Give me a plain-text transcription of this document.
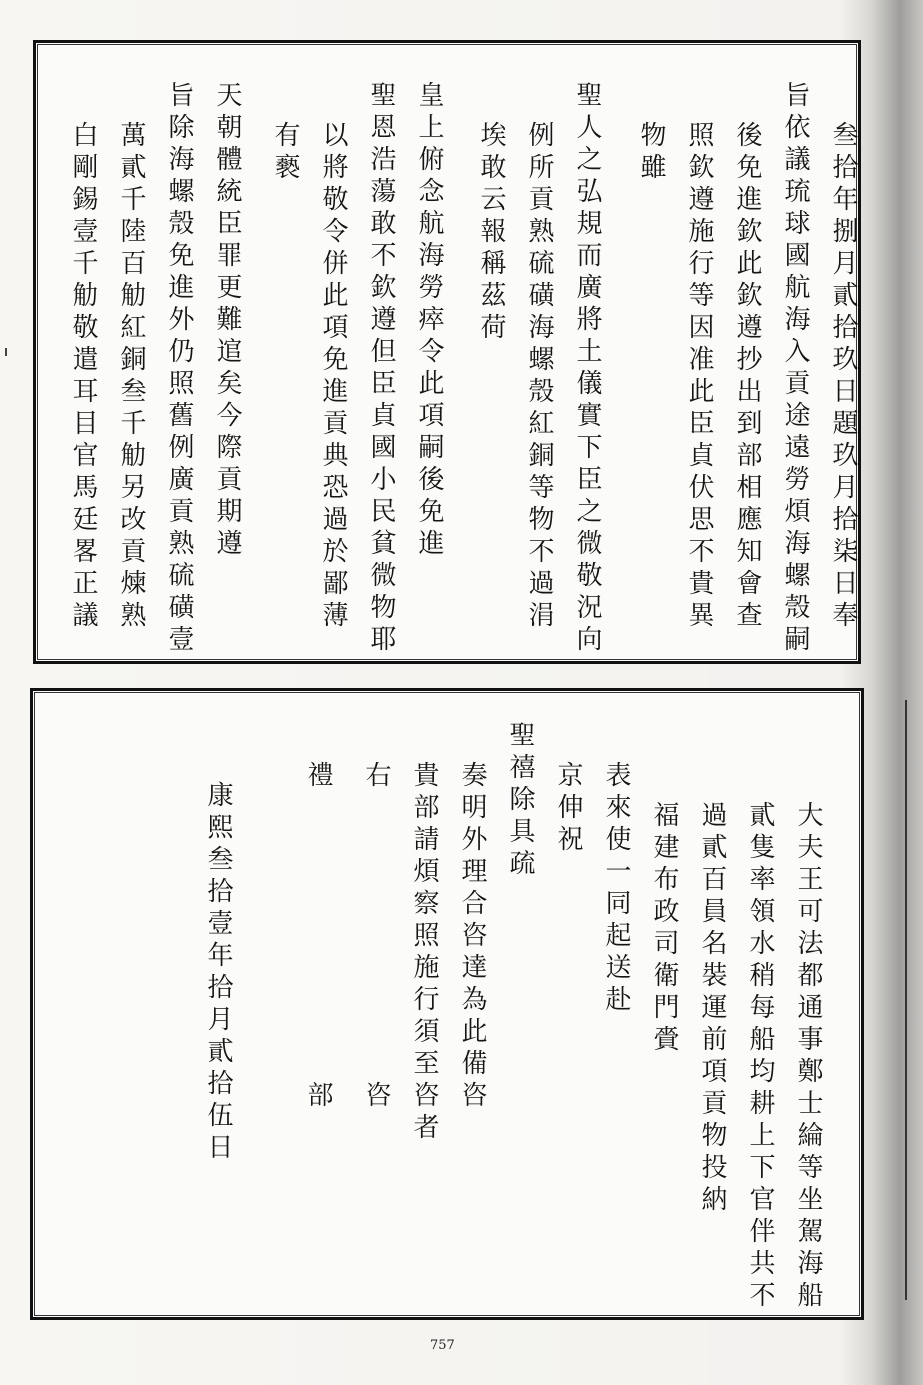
叁拾年捌月貳拾玖日題玖月拾柒日奉
旨依議琉球國航海入貢途遠勞煩海螺殼嗣
後免進欽此欽遵抄出到部相應知會查
照欽遵施行等因准此臣貞伏思不貴異
物雖
聖人之弘規而廣將土儀實下臣之微敬況向
例所貢熟硫磺海螺殼紅銅等物不過涓
埃敢云報稱茲荷
皇上俯念航海勞瘁令此項嗣後免進
聖恩浩蕩敢不欽遵但臣貞國小民貧微物耶
以將敬令併此項免進貢典恐過於鄙薄
有褻
天朝體統臣罪更難逭矣今際貢期遵
旨除海螺殼免進外仍照舊例廣貢熟硫磺壹
萬貳千陸百觔紅銅叁千觔另改貢煉熟
白剛錫壹千觔敬遣耳目官馬廷畧正議
大夫王可法都通事鄭士綸等坐駕海船
貳隻率領水稍每船均耕上下官伴共不
過貳百員名裝運前項貢物投納
福建布政司衛門賫
表來使一同起送赴
京伸祝
聖禧除具疏
奏明外理合咨達為此備咨
貴部請煩察照施行須至咨者
右　　　　　　　　　咨
禮　　　　　　　　　部
康熙叁拾壹年拾月貳拾伍日
757
